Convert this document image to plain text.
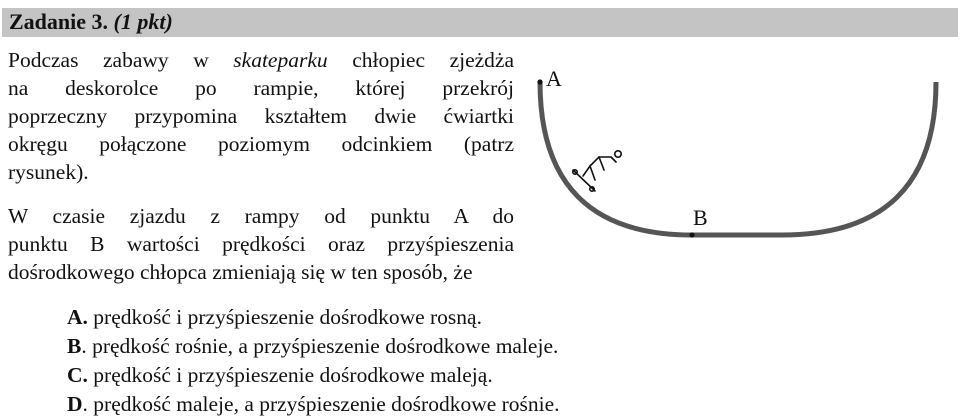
Zadanie 3. (1 pkt)
Podczas zabawy w skateparku chłopiec zjeżdża
na deskorolce po rampie, której przekrój
poprzeczny przypomina kształtem dwie ćwiartki
okręgu połączone poziomym odcinkiem (patrz
rysunek).
W czasie zjazdu z rampy od punktu A do
punktu B wartości prędkości oraz przyśpieszenia
dośrodkowego chłopca zmieniają się w ten sposób, że
A. prędkość i przyśpieszenie dośrodkowe rosną.
B. prędkość rośnie, a przyśpieszenie dośrodkowe maleje.
C. prędkość i przyśpieszenie dośrodkowe maleją.
D. prędkość maleje, a przyśpieszenie dośrodkowe rośnie.
A
B
